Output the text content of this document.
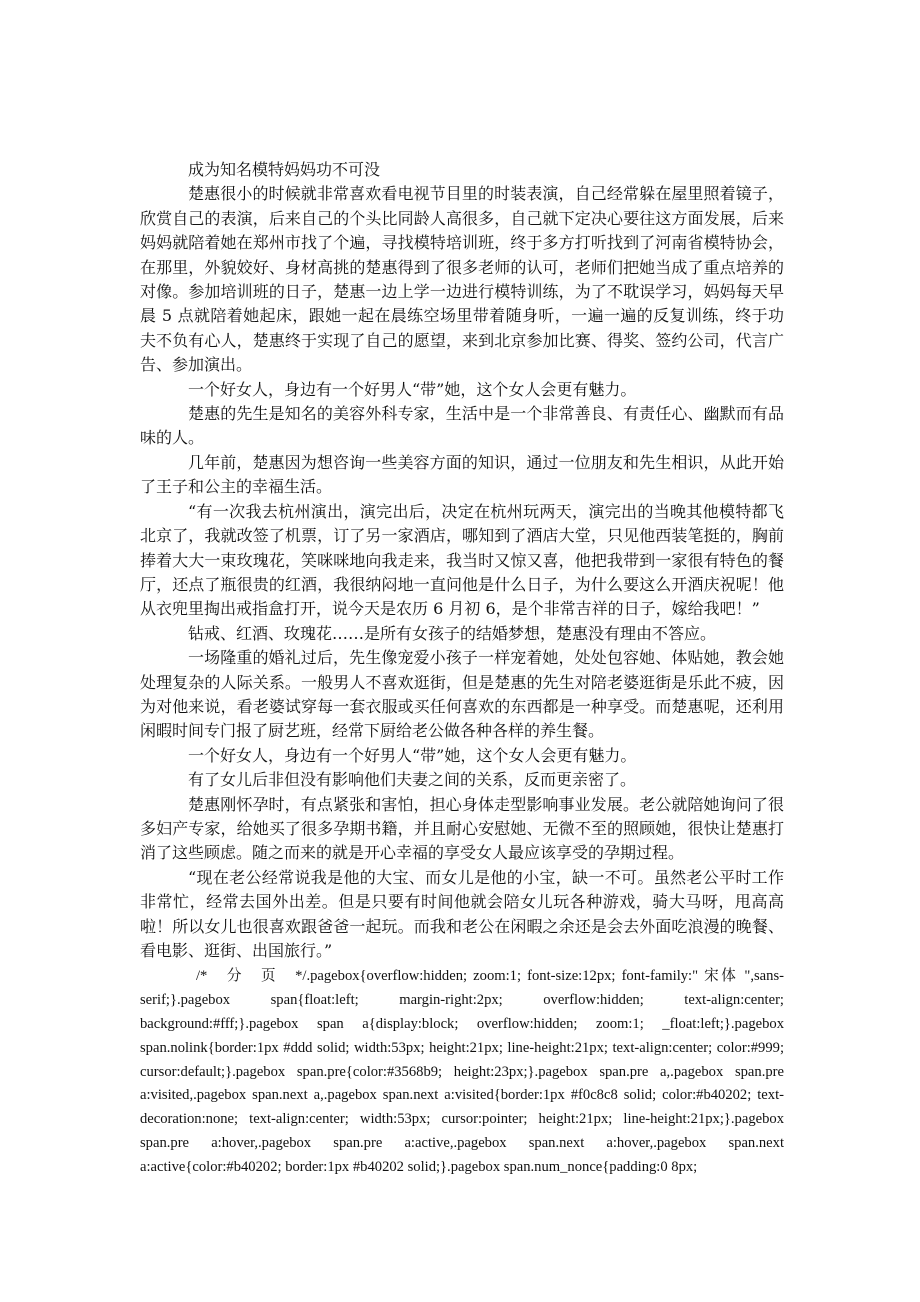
成为知名模特妈妈功不可没

楚惠很小的时候就非常喜欢看电视节目里的时装表演，自己经常躲在屋里照着镜子，欣赏自己的表演，后来自己的个头比同龄人高很多，自己就下定决心要往这方面发展，后来妈妈就陪着她在郑州市找了个遍，寻找模特培训班，终于多方打听找到了河南省模特协会，在那里，外貌姣好、身材高挑的楚惠得到了很多老师的认可，老师们把她当成了重点培养的对像。参加培训班的日子，楚惠一边上学一边进行模特训练，为了不耽误学习，妈妈每天早晨 5 点就陪着她起床，跟她一起在晨练空场里带着随身听，一遍一遍的反复训练，终于功夫不负有心人，楚惠终于实现了自己的愿望，来到北京参加比赛、得奖、签约公司，代言广告、参加演出。

一个好女人，身边有一个好男人“带”她，这个女人会更有魅力。

楚惠的先生是知名的美容外科专家，生活中是一个非常善良、有责任心、幽默而有品味的人。

几年前，楚惠因为想咨询一些美容方面的知识，通过一位朋友和先生相识，从此开始了王子和公主的幸福生活。

“有一次我去杭州演出，演完出后，决定在杭州玩两天，演完出的当晚其他模特都飞北京了，我就改签了机票，订了另一家酒店，哪知到了酒店大堂，只见他西装笔挺的，胸前捧着大大一束玫瑰花，笑咪咪地向我走来，我当时又惊又喜，他把我带到一家很有特色的餐厅，还点了瓶很贵的红酒，我很纳闷地一直问他是什么日子，为什么要这么开酒庆祝呢！他从衣兜里掏出戒指盒打开，说今天是农历 6 月初 6，是个非常吉祥的日子，嫁给我吧！”

钻戒、红酒、玫瑰花……是所有女孩子的结婚梦想，楚惠没有理由不答应。

一场隆重的婚礼过后，先生像宠爱小孩子一样宠着她，处处包容她、体贴她，教会她处理复杂的人际关系。一般男人不喜欢逛街，但是楚惠的先生对陪老婆逛街是乐此不疲，因为对他来说，看老婆试穿每一套衣服或买任何喜欢的东西都是一种享受。而楚惠呢，还利用闲暇时间专门报了厨艺班，经常下厨给老公做各种各样的养生餐。

一个好女人，身边有一个好男人“带”她，这个女人会更有魅力。

有了女儿后非但没有影响他们夫妻之间的关系，反而更亲密了。

楚惠刚怀孕时，有点紧张和害怕，担心身体走型影响事业发展。老公就陪她询问了很多妇产专家，给她买了很多孕期书籍，并且耐心安慰她、无微不至的照顾她，很快让楚惠打消了这些顾虑。随之而来的就是开心幸福的享受女人最应该享受的孕期过程。

“现在老公经常说我是他的大宝、而女儿是他的小宝，缺一不可。虽然老公平时工作非常忙，经常去国外出差。但是只要有时间他就会陪女儿玩各种游戏，骑大马呀，甩高高啦！所以女儿也很喜欢跟爸爸一起玩。而我和老公在闲暇之余还是会去外面吃浪漫的晚餐、看电影、逛街、出国旅行。”

/*　分　页　*/.pagebox{overflow:hidden; zoom:1; font-size:12px; font-family:" 宋体 ",sans-serif;}.pagebox span{float:left; margin-right:2px; overflow:hidden; text-align:center; background:#fff;}.pagebox span a{display:block; overflow:hidden; zoom:1; _float:left;}.pagebox span.nolink{border:1px #ddd solid; width:53px; height:21px; line-height:21px; text-align:center; color:#999; cursor:default;}.pagebox span.pre{color:#3568b9; height:23px;}.pagebox span.pre a,.pagebox span.pre a:visited,.pagebox span.next a,.pagebox span.next a:visited{border:1px #f0c8c8 solid; color:#b40202; text-decoration:none; text-align:center; width:53px; cursor:pointer; height:21px; line-height:21px;}.pagebox span.pre a:hover,.pagebox span.pre a:active,.pagebox span.next a:hover,.pagebox span.next a:active{color:#b40202; border:1px #b40202 solid;}.pagebox span.num_nonce{padding:0 8px;
